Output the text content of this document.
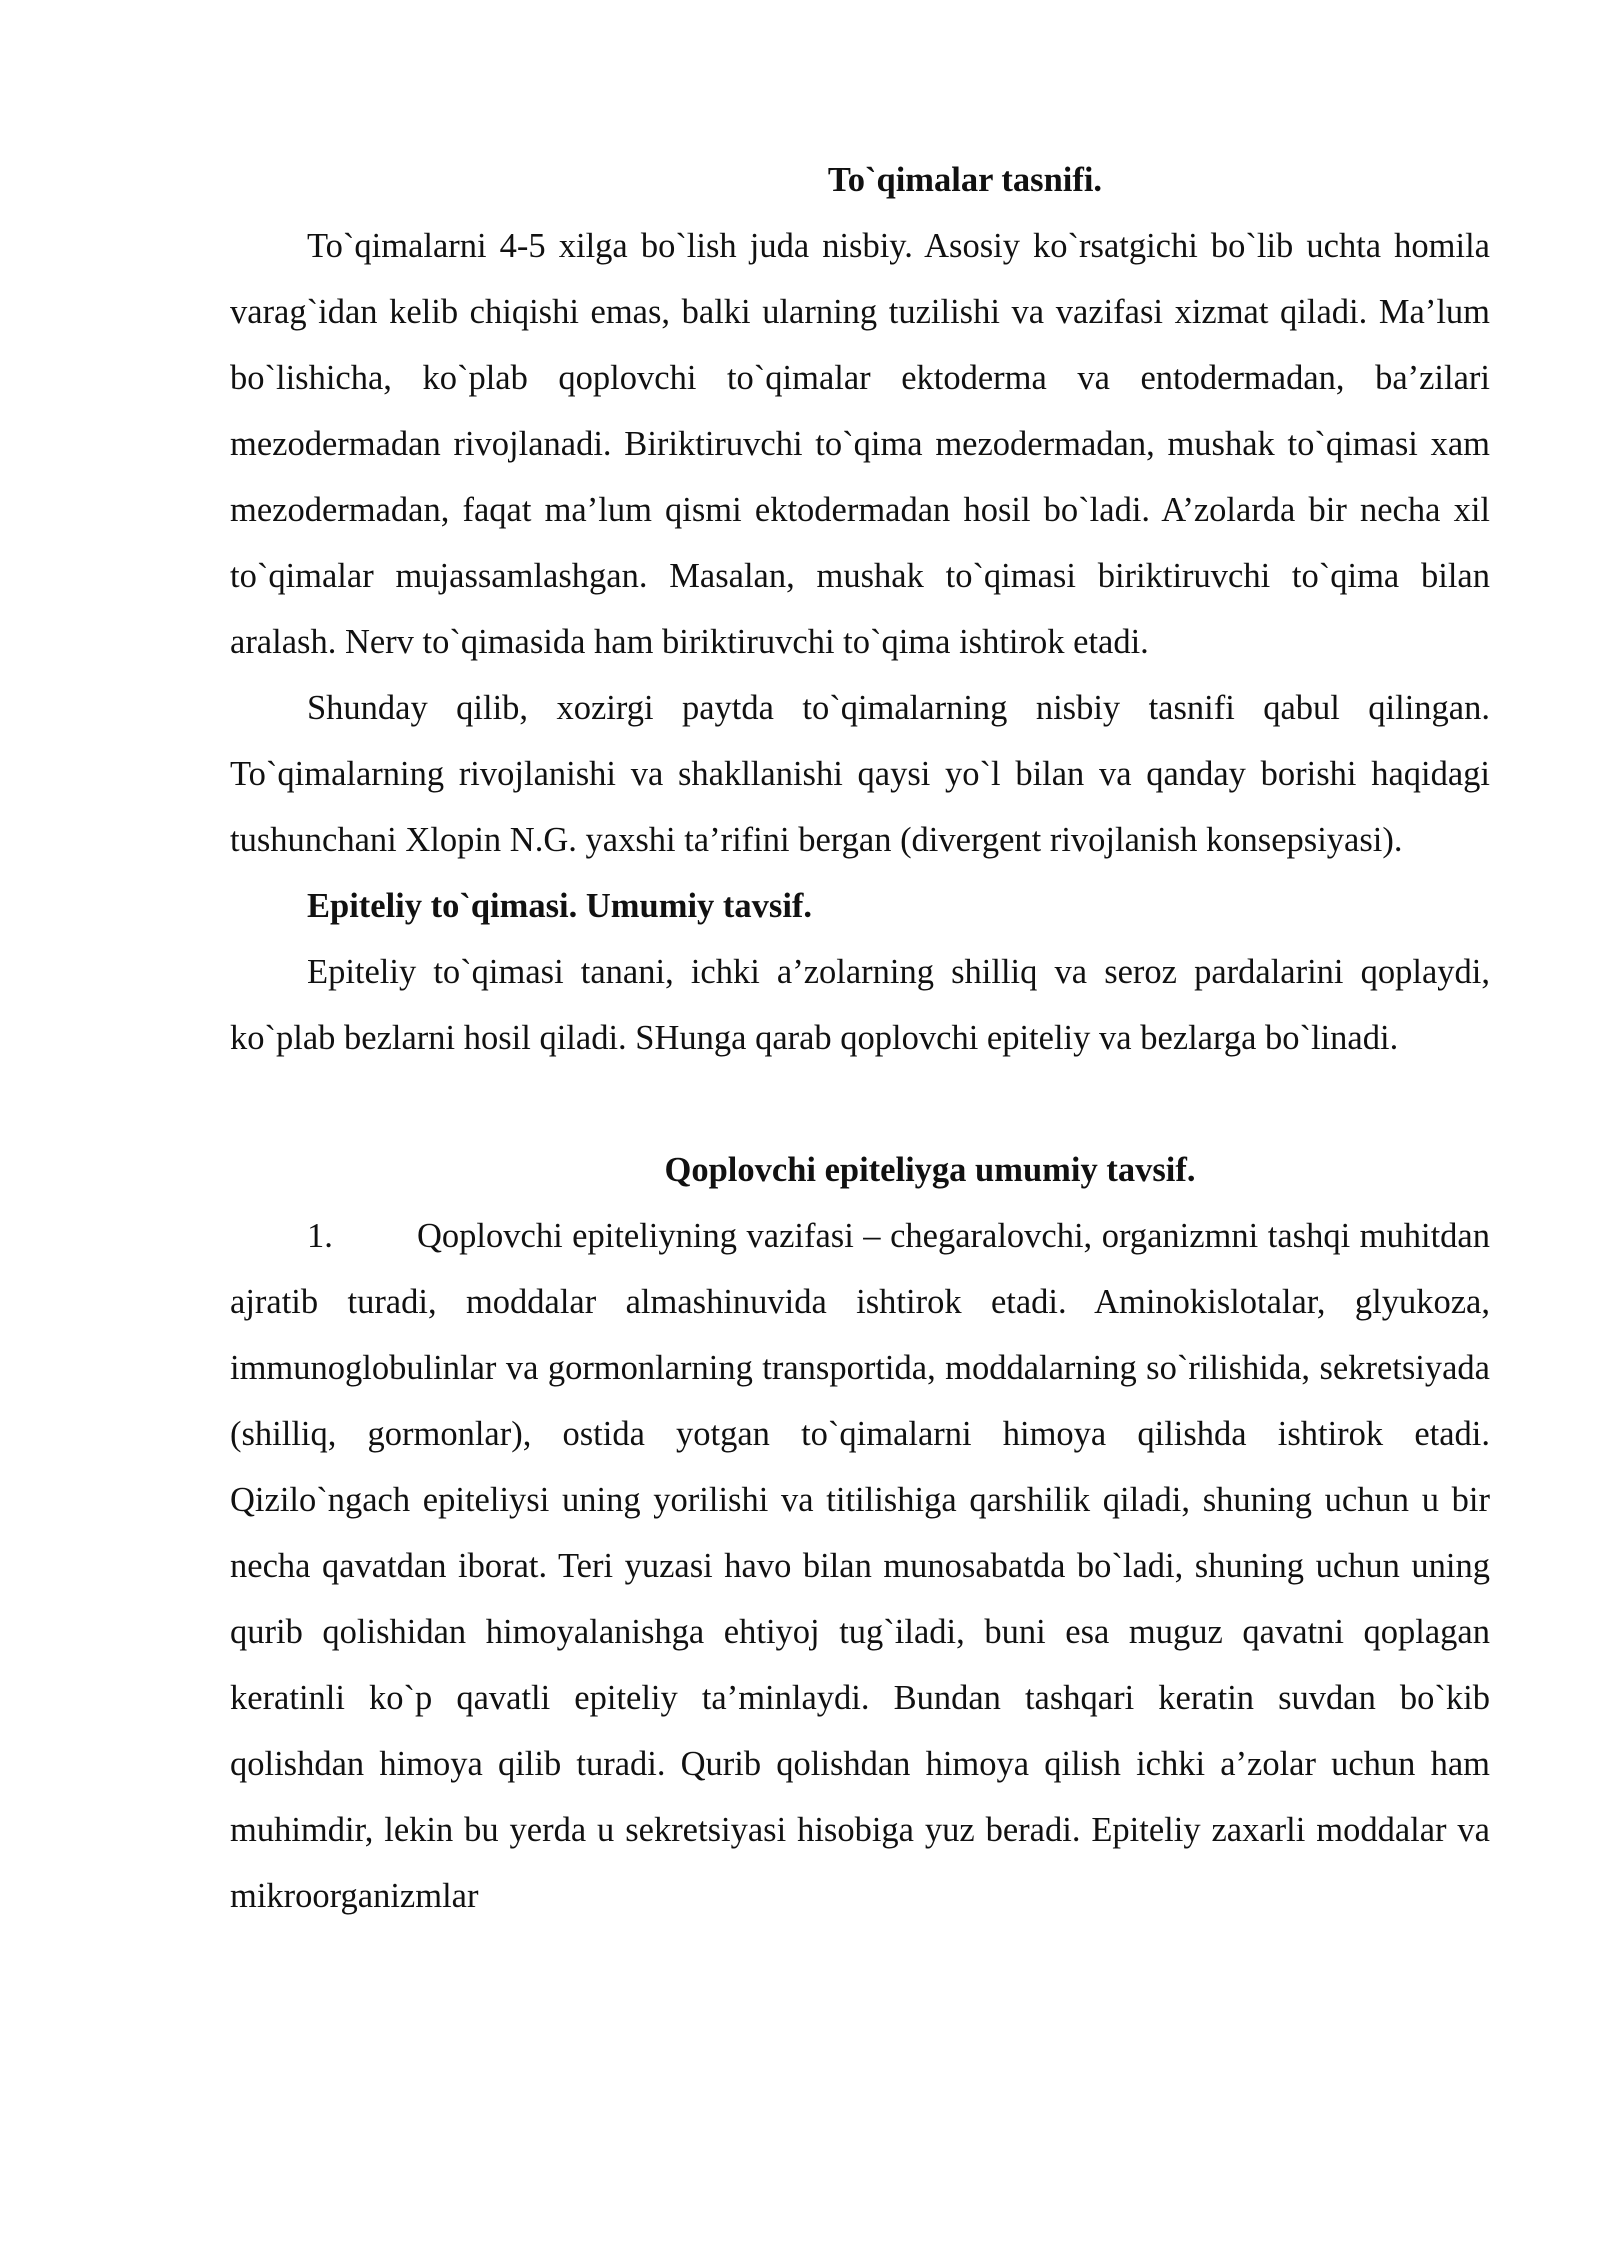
To`qimalar tasnifi.

To`qimalarni 4-5 xilga bo`lish juda nisbiy. Asosiy ko`rsatgichi bo`lib uchta homila varag`idan kelib chiqishi emas, balki ularning tuzilishi va vazifasi xizmat qiladi. Ma’lum bo`lishicha, ko`plab qoplovchi to`qimalar ektoderma va entodermadan, ba’zilari mezodermadan rivojlanadi. Biriktiruvchi to`qima mezodermadan, mushak to`qimasi xam mezodermadan, faqat ma’lum qismi ektodermadan hosil bo`ladi. A’zolarda bir necha xil to`qimalar mujassamlashgan. Masalan, mushak to`qimasi biriktiruvchi to`qima bilan aralash. Nerv to`qimasida ham biriktiruvchi to`qima ishtirok etadi.

Shunday qilib, xozirgi paytda to`qimalarning nisbiy tasnifi qabul qilingan. To`qimalarning rivojlanishi va shakllanishi qaysi yo`l bilan va qanday borishi haqidagi tushunchani Xlopin N.G. yaxshi ta’rifini bergan (divergent rivojlanish konsepsiyasi).

Epiteliy to`qimasi. Umumiy tavsif.

Epiteliy to`qimasi tanani, ichki a’zolarning shilliq va seroz pardalarini qoplaydi, ko`plab bezlarni hosil qiladi. SHunga qarab qoplovchi epiteliy va bezlarga bo`linadi.

Qoplovchi epiteliyga umumiy tavsif.

1. Qoplovchi epiteliyning vazifasi – chegaralovchi, organizmni tashqi muhitdan ajratib turadi, moddalar almashinuvida ishtirok etadi. Aminokislotalar, glyukoza, immunoglobulinlar va gormonlarning transportida, moddalarning so`rilishida, sekretsiyada (shilliq, gormonlar), ostida yotgan to`qimalarni himoya qilishda ishtirok etadi. Qizilo`ngach epiteliysi uning yorilishi va titilishiga qarshilik qiladi, shuning uchun u bir necha qavatdan iborat. Teri yuzasi havo bilan munosabatda bo`ladi, shuning uchun uning qurib qolishidan himoyalanishga ehtiyoj tug`iladi, buni esa muguz qavatni qoplagan keratinli ko`p qavatli epiteliy ta’minlaydi. Bundan tashqari keratin suvdan bo`kib qolishdan himoya qilib turadi. Qurib qolishdan himoya qilish ichki a’zolar uchun ham muhimdir, lekin bu yerda u sekretsiyasi hisobiga yuz beradi. Epiteliy zaxarli moddalar va mikroorganizmlar
